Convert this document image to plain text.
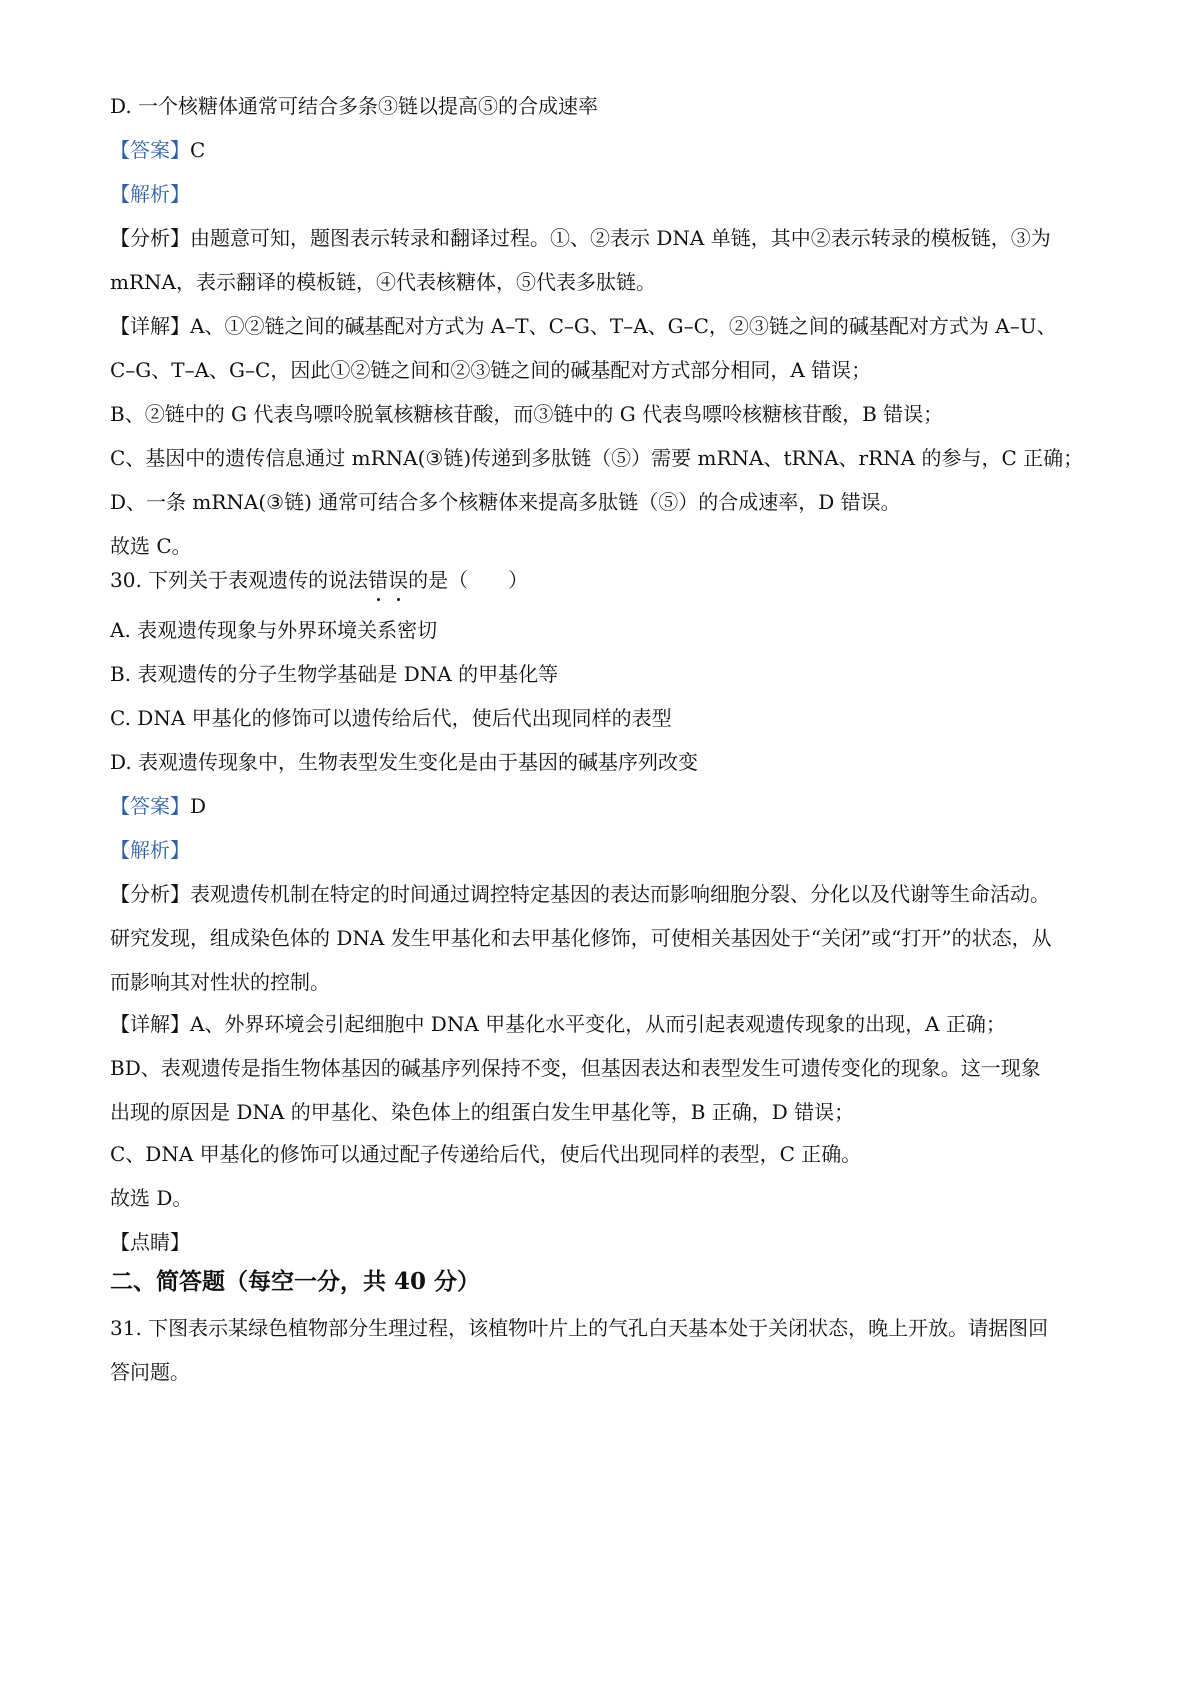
D. 一个核糖体通常可结合多条③链以提高⑤的合成速率
【答案】C
【解析】
【分析】由题意可知，题图表示转录和翻译过程。①、②表示 DNA 单链，其中②表示转录的模板链，③为
mRNA，表示翻译的模板链，④代表核糖体，⑤代表多肽链。
【详解】A、①②链之间的碱基配对方式为 A–T、C–G、T–A、G–C，②③链之间的碱基配对方式为 A–U、
C–G、T–A、G–C，因此①②链之间和②③链之间的碱基配对方式部分相同，A 错误；
B、②链中的 G 代表鸟嘌呤脱氧核糖核苷酸，而③链中的 G 代表鸟嘌呤核糖核苷酸，B 错误；
C、基因中的遗传信息通过 mRNA(③链)传递到多肽链（⑤）需要 mRNA、tRNA、rRNA 的参与，C 正确；
D、一条 mRNA(③链) 通常可结合多个核糖体来提高多肽链（⑤）的合成速率，D 错误。
故选 C。
30. 下列关于表观遗传的说法错误的是（　　）
A. 表观遗传现象与外界环境关系密切
B. 表观遗传的分子生物学基础是 DNA 的甲基化等
C. DNA 甲基化的修饰可以遗传给后代，使后代出现同样的表型
D. 表观遗传现象中，生物表型发生变化是由于基因的碱基序列改变
【答案】D
【解析】
【分析】表观遗传机制在特定的时间通过调控特定基因的表达而影响细胞分裂、分化以及代谢等生命活动。
研究发现，组成染色体的 DNA 发生甲基化和去甲基化修饰，可使相关基因处于“关闭”或“打开”的状态，从
而影响其对性状的控制。
【详解】A、外界环境会引起细胞中 DNA 甲基化水平变化，从而引起表观遗传现象的出现，A 正确；
BD、表观遗传是指生物体基因的碱基序列保持不变，但基因表达和表型发生可遗传变化的现象。这一现象
出现的原因是 DNA 的甲基化、染色体上的组蛋白发生甲基化等，B 正确，D 错误；
C、DNA 甲基化的修饰可以通过配子传递给后代，使后代出现同样的表型，C 正确。
故选 D。
【点睛】
二、简答题（每空一分，共 40 分）
31. 下图表示某绿色植物部分生理过程，该植物叶片上的气孔白天基本处于关闭状态，晚上开放。请据图回
答问题。
